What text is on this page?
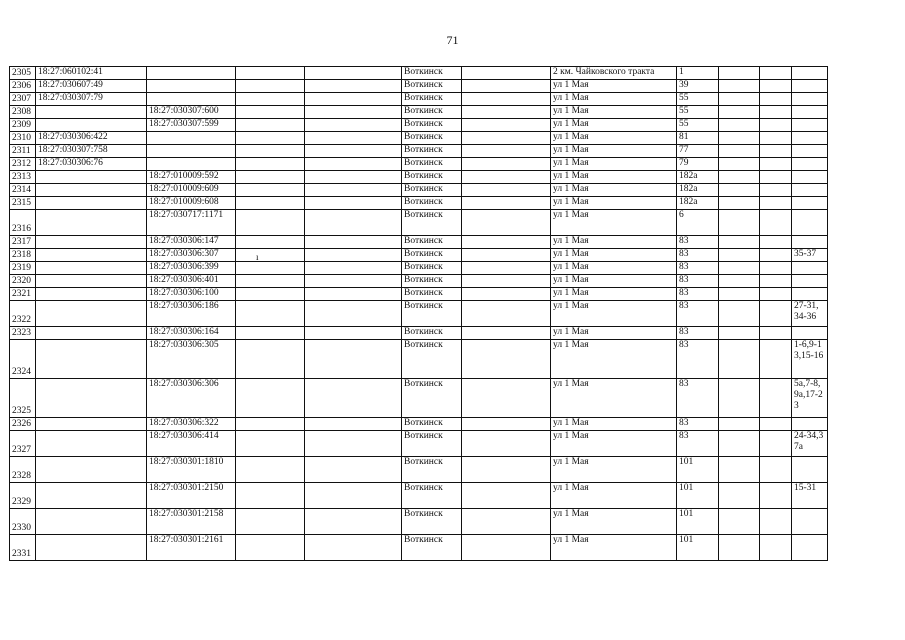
71
ı
2305	18:27:060102:41				Воткинск		2 км. Чайковского тракта	1			
2306	18:27:030607:49				Воткинск		ул 1 Мая	39			
2307	18:27:030307:79				Воткинск		ул 1 Мая	55			
2308		18:27:030307:600			Воткинск		ул 1 Мая	55			
2309		18:27:030307:599			Воткинск		ул 1 Мая	55			
2310	18:27:030306:422				Воткинск		ул 1 Мая	81			
2311	18:27:030307:758				Воткинск		ул 1 Мая	77			
2312	18:27:030306:76				Воткинск		ул 1 Мая	79			
2313		18:27:010009:592			Воткинск		ул 1 Мая	182а			
2314		18:27:010009:609			Воткинск		ул 1 Мая	182а			
2315		18:27:010009:608			Воткинск		ул 1 Мая	182а			
2316		18:27:030717:1171			Воткинск		ул 1 Мая	6			
2317		18:27:030306:147			Воткинск		ул 1 Мая	83			
2318		18:27:030306:307			Воткинск		ул 1 Мая	83			35-37
2319		18:27:030306:399			Воткинск		ул 1 Мая	83			
2320		18:27:030306:401			Воткинск		ул 1 Мая	83			
2321		18:27:030306:100			Воткинск		ул 1 Мая	83			
2322		18:27:030306:186			Воткинск		ул 1 Мая	83			27-31, 34-36
2323		18:27:030306:164			Воткинск		ул 1 Мая	83			
2324		18:27:030306:305			Воткинск		ул 1 Мая	83			1-6,9-13,15-16
2325		18:27:030306:306			Воткинск		ул 1 Мая	83			5а,7-8,9а,17-23
2326		18:27:030306:322			Воткинск		ул 1 Мая	83			
2327		18:27:030306:414			Воткинск		ул 1 Мая	83			24-34,37а
2328		18:27:030301:1810			Воткинск		ул 1 Мая	101			
2329		18:27:030301:2150			Воткинск		ул 1 Мая	101			15-31
2330		18:27:030301:2158			Воткинск		ул 1 Мая	101			
2331		18:27:030301:2161			Воткинск		ул 1 Мая	101			
